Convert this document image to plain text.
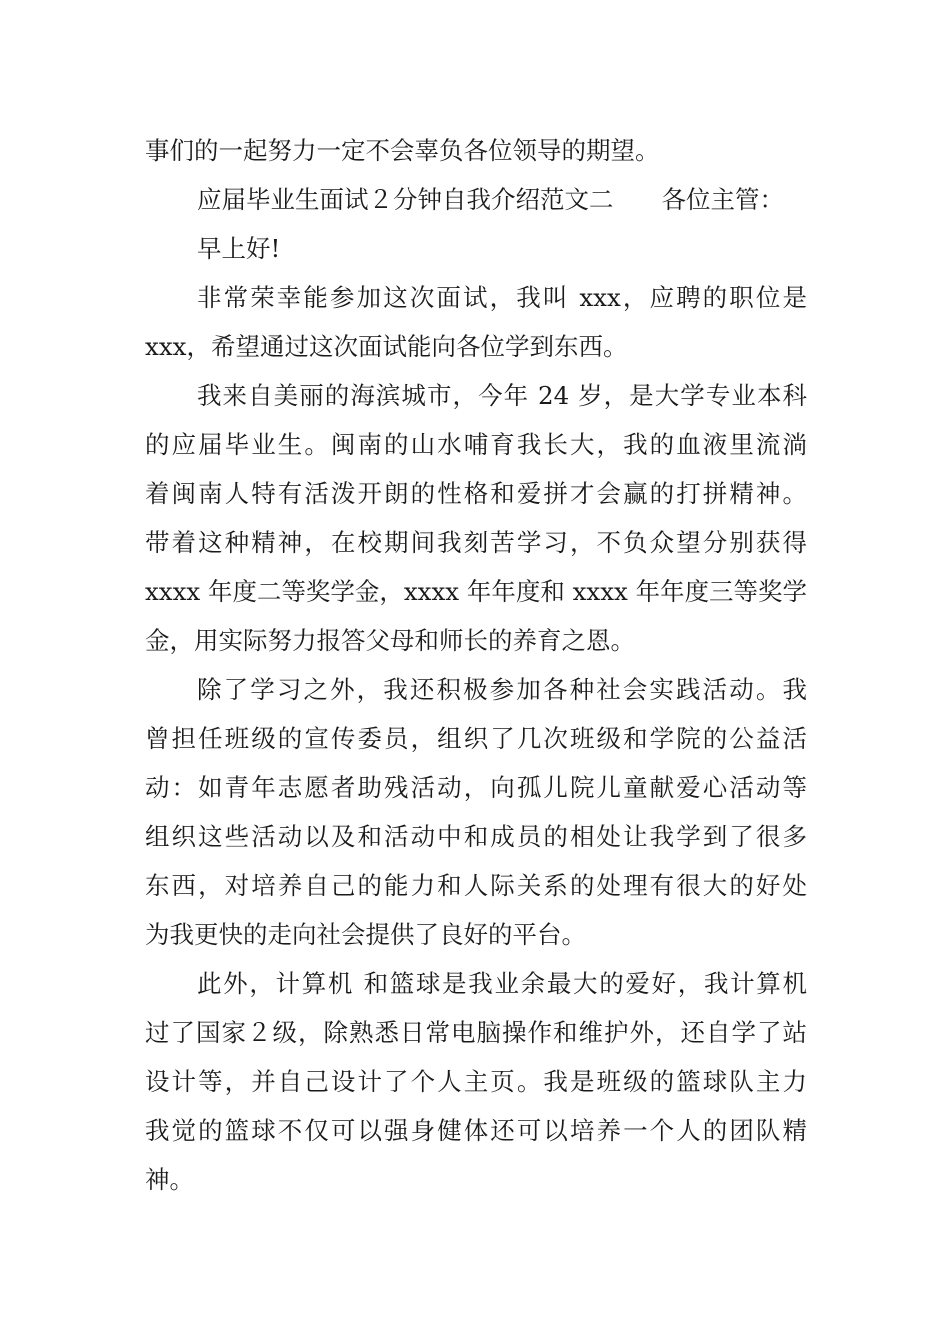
事们的一起努力一定不会辜负各位领导的期望。
应届毕业生面试２分钟自我介绍范文二 各位主管：
早上好!
非常荣幸能参加这次面试，我叫 xxx，应聘的职位是
xxx，希望通过这次面试能向各位学到东西。
我来自美丽的海滨城市，今年 24 岁，是大学专业本科
的应届毕业生。闽南的山水哺育我长大，我的血液里流淌
着闽南人特有活泼开朗的性格和爱拼才会赢的打拼精神。
带着这种精神，在校期间我刻苦学习，不负众望分别获得
xxxx 年度二等奖学金，xxxx 年年度和 xxxx 年年度三等奖学
金，用实际努力报答父母和师长的养育之恩。
除了学习之外，我还积极参加各种社会实践活动。我
曾担任班级的宣传委员，组织了几次班级和学院的公益活
动：如青年志愿者助残活动，向孤儿院儿童献爱心活动等
组织这些活动以及和活动中和成员的相处让我学到了很多
东西，对培养自己的能力和人际关系的处理有很大的好处
为我更快的走向社会提供了良好的平台。
此外，计算机 和篮球是我业余最大的爱好，我计算机
过了国家２级，除熟悉日常电脑操作和维护外，还自学了站
设计等，并自己设计了个人主页。我是班级的篮球队主力
我觉的篮球不仅可以强身健体还可以培养一个人的团队精
神。
